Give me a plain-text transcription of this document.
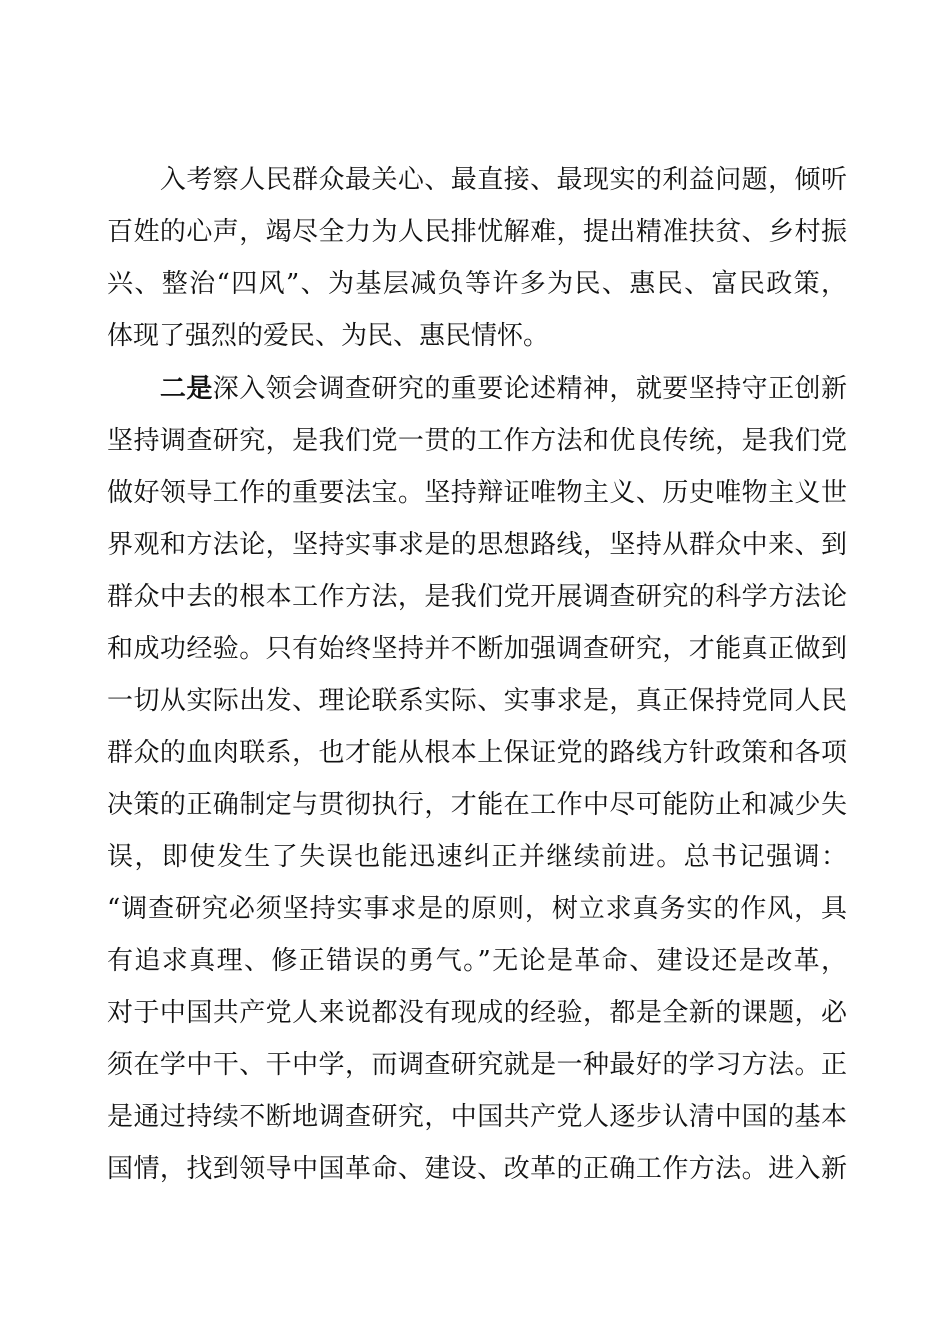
　　入考察人民群众最关心、最直接、最现实的利益问题，倾听
百姓的心声，竭尽全力为人民排忧解难，提出精准扶贫、乡村振
兴、整治“四风”、为基层减负等许多为民、惠民、富民政策，
体现了强烈的爱民、为民、惠民情怀。
　　二是深入领会调查研究的重要论述精神，就要坚持守正创新
坚持调查研究，是我们党一贯的工作方法和优良传统，是我们党
做好领导工作的重要法宝。坚持辩证唯物主义、历史唯物主义世
界观和方法论，坚持实事求是的思想路线，坚持从群众中来、到
群众中去的根本工作方法，是我们党开展调查研究的科学方法论
和成功经验。只有始终坚持并不断加强调查研究，才能真正做到
一切从实际出发、理论联系实际、实事求是，真正保持党同人民
群众的血肉联系，也才能从根本上保证党的路线方针政策和各项
决策的正确制定与贯彻执行，才能在工作中尽可能防止和减少失
误，即使发生了失误也能迅速纠正并继续前进。总书记强调：
“调查研究必须坚持实事求是的原则，树立求真务实的作风，具
有追求真理、修正错误的勇气。”无论是革命、建设还是改革，
对于中国共产党人来说都没有现成的经验，都是全新的课题，必
须在学中干、干中学，而调查研究就是一种最好的学习方法。正
是通过持续不断地调查研究，中国共产党人逐步认清中国的基本
国情，找到领导中国革命、建设、改革的正确工作方法。进入新
